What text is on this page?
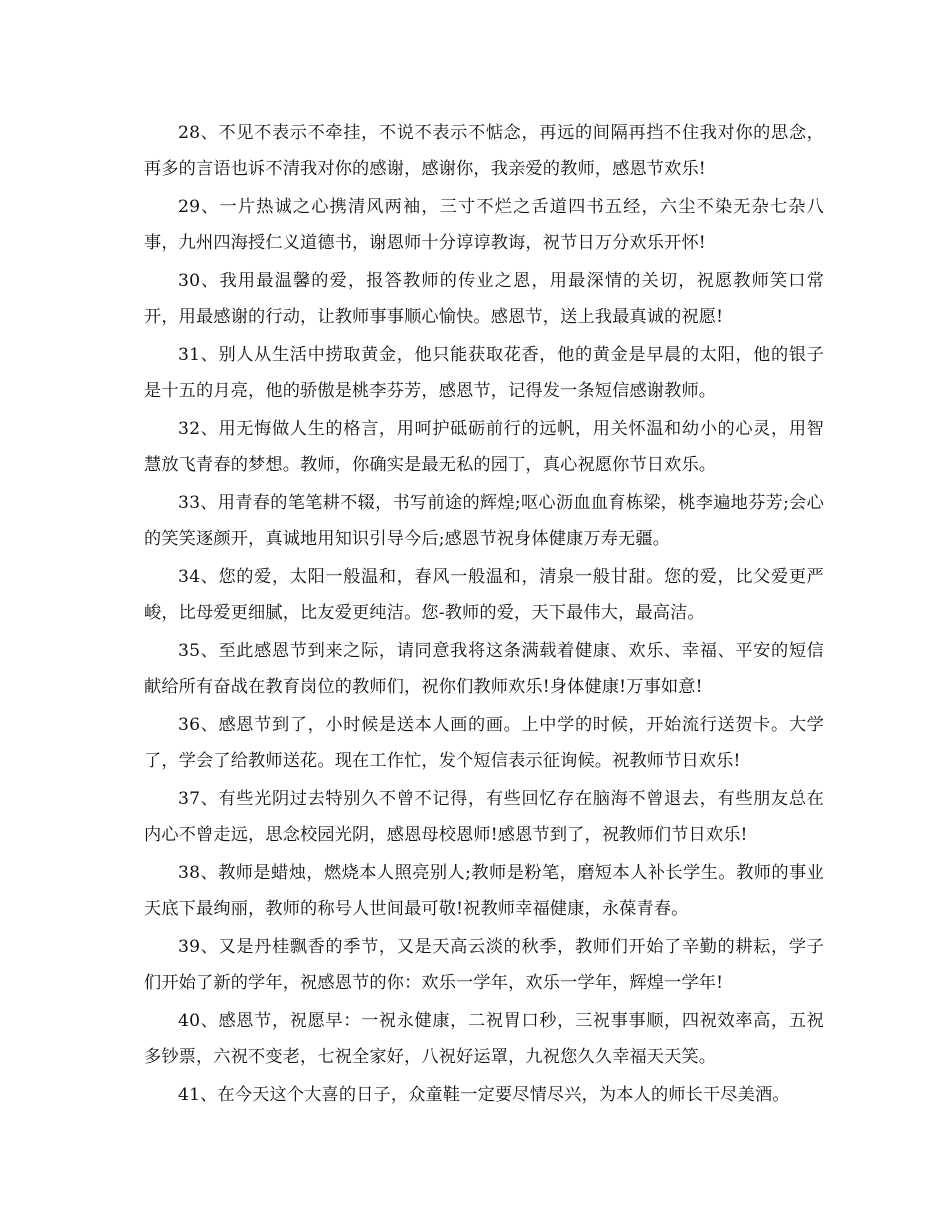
28、不见不表示不牵挂，不说不表示不惦念，再远的间隔再挡不住我对你的思念，再多的言语也诉不清我对你的感谢，感谢你，我亲爱的教师，感恩节欢乐!

29、一片热诚之心携清风两袖，三寸不烂之舌道四书五经，六尘不染无杂七杂八事，九州四海授仁义道德书，谢恩师十分谆谆教诲，祝节日万分欢乐开怀!

30、我用最温馨的爱，报答教师的传业之恩，用最深情的关切，祝愿教师笑口常开，用最感谢的行动，让教师事事顺心愉快。感恩节，送上我最真诚的祝愿!

31、别人从生活中捞取黄金，他只能获取花香，他的黄金是早晨的太阳，他的银子是十五的月亮，他的骄傲是桃李芬芳，感恩节，记得发一条短信感谢教师。

32、用无悔做人生的格言，用呵护砥砺前行的远帆，用关怀温和幼小的心灵，用智慧放飞青春的梦想。教师，你确实是最无私的园丁，真心祝愿你节日欢乐。

33、用青春的笔笔耕不辍，书写前途的辉煌;呕心沥血血育栋梁，桃李遍地芬芳;会心的笑笑逐颜开，真诚地用知识引导今后;感恩节祝身体健康万寿无疆。

34、您的爱，太阳一般温和，春风一般温和，清泉一般甘甜。您的爱，比父爱更严峻，比母爱更细腻，比友爱更纯洁。您-教师的爱，天下最伟大，最高洁。

35、至此感恩节到来之际，请同意我将这条满载着健康、欢乐、幸福、平安的短信献给所有奋战在教育岗位的教师们，祝你们教师欢乐!身体健康!万事如意!

36、感恩节到了，小时候是送本人画的画。上中学的时候，开始流行送贺卡。大学了，学会了给教师送花。现在工作忙，发个短信表示征询候。祝教师节日欢乐!

37、有些光阴过去特别久不曾不记得，有些回忆存在脑海不曾退去，有些朋友总在内心不曾走远，思念校园光阴，感恩母校恩师!感恩节到了，祝教师们节日欢乐!

38、教师是蜡烛，燃烧本人照亮别人;教师是粉笔，磨短本人补长学生。教师的事业天底下最绚丽，教师的称号人世间最可敬!祝教师幸福健康，永葆青春。

39、又是丹桂飘香的季节，又是天高云淡的秋季，教师们开始了辛勤的耕耘，学子们开始了新的学年，祝感恩节的你：欢乐一学年，欢乐一学年，辉煌一学年!

40、感恩节，祝愿早：一祝永健康，二祝胃口秒，三祝事事顺，四祝效率高，五祝多钞票，六祝不变老，七祝全家好，八祝好运罩，九祝您久久幸福天天笑。

41、在今天这个大喜的日子，众童鞋一定要尽情尽兴，为本人的师长干尽美酒。
